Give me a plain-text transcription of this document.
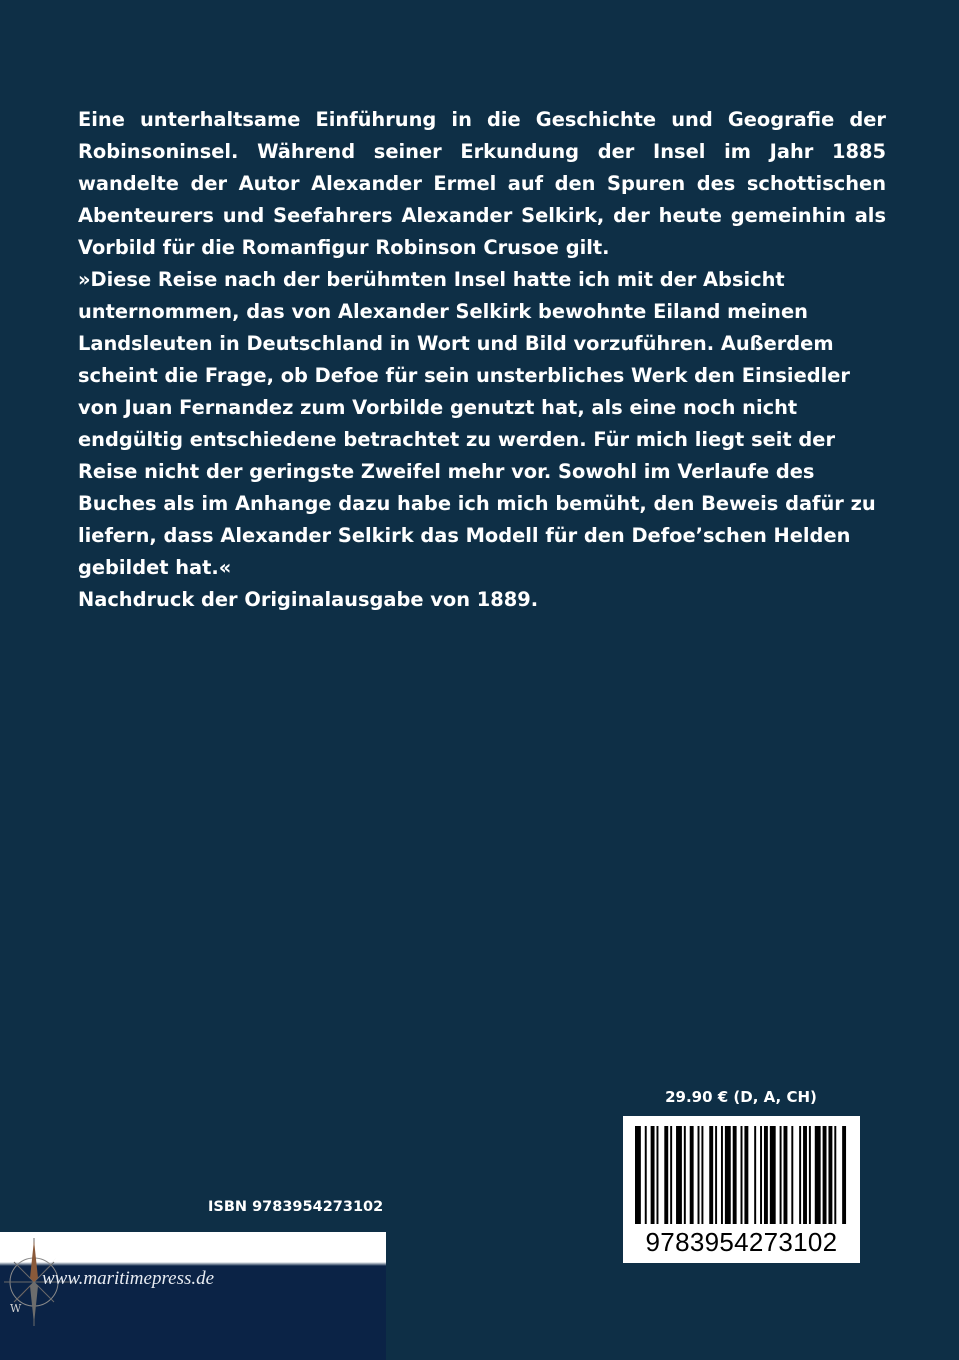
Eine unterhaltsame Einführung in die Geschichte und Geografie der Robinsoninsel. Während seiner Erkundung der Insel im Jahr 1885 wandelte der Autor Alexander Ermel auf den Spuren des schottischen Abenteurers und Seefahrers Alexander Selkirk, der heute gemeinhin als Vorbild für die Romanfigur Robinson Crusoe gilt.

»Diese Reise nach der berühmten Insel hatte ich mit der Absicht unternommen, das von Alexander Selkirk bewohnte Eiland meinen Landsleuten in Deutschland in Wort und Bild vorzuführen. Außerdem scheint die Frage, ob Defoe für sein unsterbliches Werk den Einsiedler von Juan Fernandez zum Vorbilde genutzt hat, als eine noch nicht endgültig entschiedene betrachtet zu werden. Für mich liegt seit der Reise nicht der geringste Zweifel mehr vor. Sowohl im Verlaufe des Buches als im Anhange dazu habe ich mich bemüht, den Beweis dafür zu liefern, dass Alexander Selkirk das Modell für den Defoe’schen Helden gebildet hat.«

Nachdruck der Originalausgabe von 1889.

29.90 € (D, A, CH)
9783954273102
ISBN 9783954273102
W
www.maritimepress.de
